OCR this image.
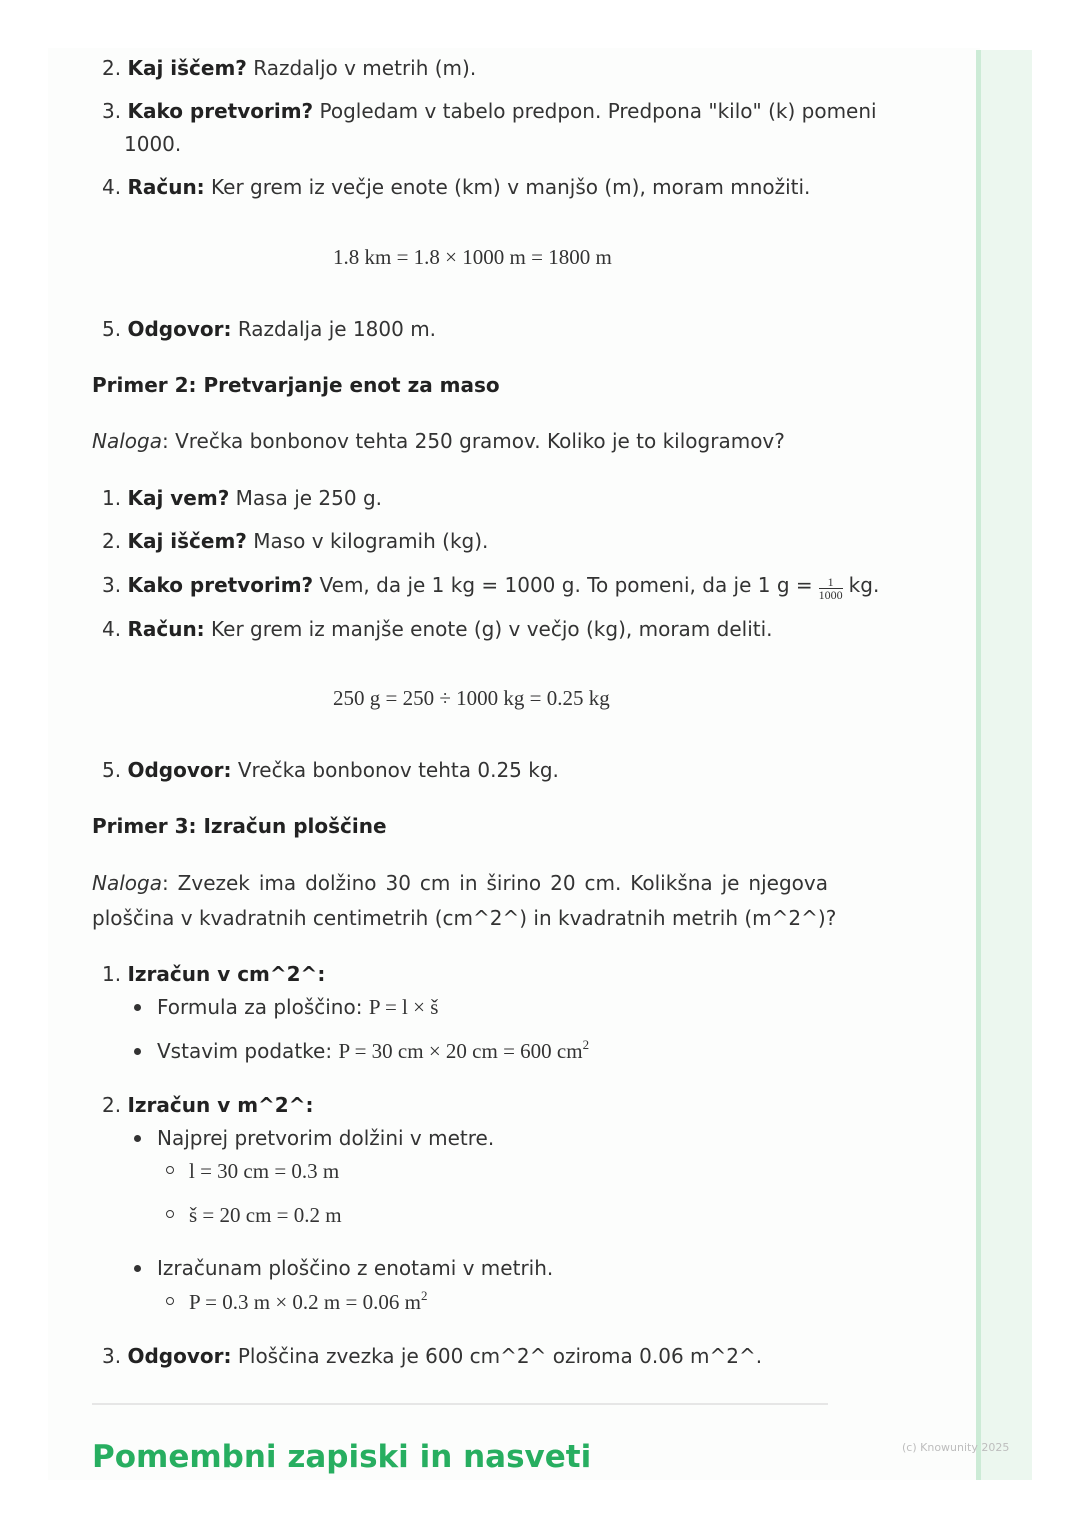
(c) Knowunity 2025
2. Kaj iščem? Razdaljo v metrih (m).
3. Kako pretvorim? Pogledam v tabelo predpon. Predpona "kilo" (k) pomeni
1000.
4. Račun: Ker grem iz večje enote (km) v manjšo (m), moram množiti.
1.8 km = 1.8 × 1000 m = 1800 m
5. Odgovor: Razdalja je 1800 m.
Primer 2: Pretvarjanje enot za maso
Naloga: Vrečka bonbonov tehta 250 gramov. Koliko je to kilogramov?
1. Kaj vem? Masa je 250 g.
2. Kaj iščem? Maso v kilogramih (kg).
3. Kako pretvorim? Vem, da je 1 kg = 1000 g. To pomeni, da je 1 $g = \frac{1}{1000}$ kg.
4. Račun: Ker grem iz manjše enote (g) v večjo (kg), moram deliti.
250 g = 250 ÷ 1000 kg = 0.25 kg
5. Odgovor: Vrečka bonbonov tehta 0.25 kg.
Primer 3: Izračun ploščine
Naloga: Zvezek ima dolžino 30 cm in širino 20 cm. Kolikšna je njegova
ploščina v kvadratnih centimetrih (cm^2^) in kvadratnih metrih (m^2^)?
1. Izračun v cm^2^:
Formula za ploščino: P = l × š
Vstavim podatke: P = 30 cm × 20 cm = 600 $cm^2$
2. Izračun v m^2^:
Najprej pretvorim dolžini v metre.
l = 30 cm = 0.3 m
š = 20 cm = 0.2 m
Izračunam ploščino z enotami v metrih.
P = 0.3 m × 0.2 m = 0.06 $m^2$
3. Odgovor: Ploščina zvezka je 600 cm^2^ oziroma 0.06 m^2^.
Pomembni zapiski in nasveti
